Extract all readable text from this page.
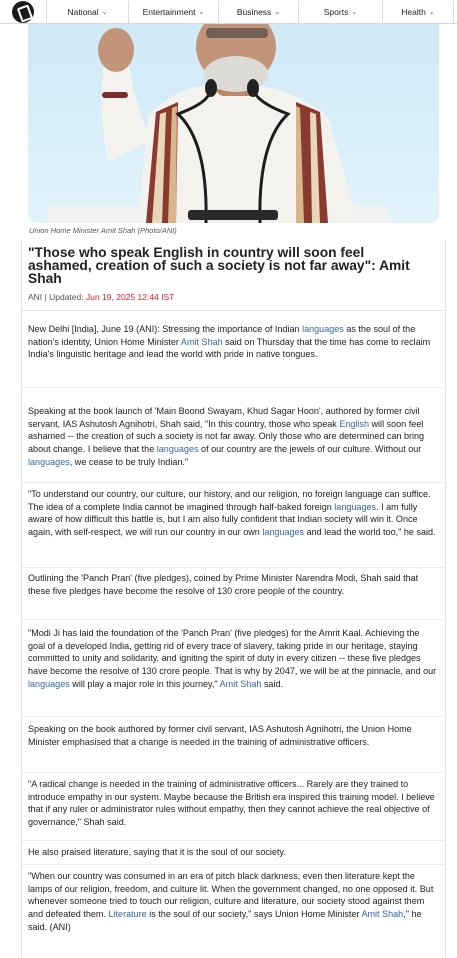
National ⌄	Entertainment ⌄	Business ⌄	Sports ⌄	Health ⌄
Union Home Minister Amit Shah (Photo/ANI)
"Those who speak English in country will soon feel ashamed, creation of such a society is not far away": Amit Shah
ANI | Updated: Jun 19, 2025 12:44 IST

New Delhi [India], June 19 (ANI): Stressing the importance of Indian languages as the soul of the nation's identity, Union Home Minister Amit Shah said on Thursday that the time has come to reclaim India's linguistic heritage and lead the world with pride in native tongues.

Speaking at the book launch of 'Main Boond Swayam, Khud Sagar Hoon', authored by former civil servant, IAS Ashutosh Agnihotri, Shah said, "In this country, those who speak English will soon feel ashamed -- the creation of such a society is not far away. Only those who are determined can bring about change. I believe that the languages of our country are the jewels of our culture. Without our languages, we cease to be truly Indian."

"To understand our country, our culture, our history, and our religion, no foreign language can suffice. The idea of a complete India cannot be imagined through half-baked foreign languages. I am fully aware of how difficult this battle is, but I am also fully confident that Indian society will win it. Once again, with self-respect, we will run our country in our own languages and lead the world too," he said.

Outlining the 'Panch Pran' (five pledges), coined by Prime Minister Narendra Modi, Shah said that these five pledges have become the resolve of 130 crore people of the country.

"Modi Ji has laid the foundation of the 'Panch Pran' (five pledges) for the Amrit Kaal. Achieving the goal of a developed India, getting rid of every trace of slavery, taking pride in our heritage, staying committed to unity and solidarity, and igniting the spirit of duty in every citizen -- these five pledges have become the resolve of 130 crore people. That is why by 2047, we will be at the pinnacle, and our languages will play a major role in this journey," Amit Shah said.

Speaking on the book authored by former civil servant, IAS Ashutosh Agnihotri, the Union Home Minister emphasised that a change is needed in the training of administrative officers.

"A radical change is needed in the training of administrative officers... Rarely are they trained to introduce empathy in our system. Maybe because the British era inspired this training model. I believe that if any ruler or administrator rules without empathy, then they cannot achieve the real objective of governance," Shah said.

He also praised literature, saying that it is the soul of our society.

"When our country was consumed in an era of pitch black darkness, even then literature kept the lamps of our religion, freedom, and culture lit. When the government changed, no one opposed it. But whenever someone tried to touch our religion, culture and literature, our society stood against them and defeated them. Literature is the soul of our society," says Union Home Minister Amit Shah," he said. (ANI)
